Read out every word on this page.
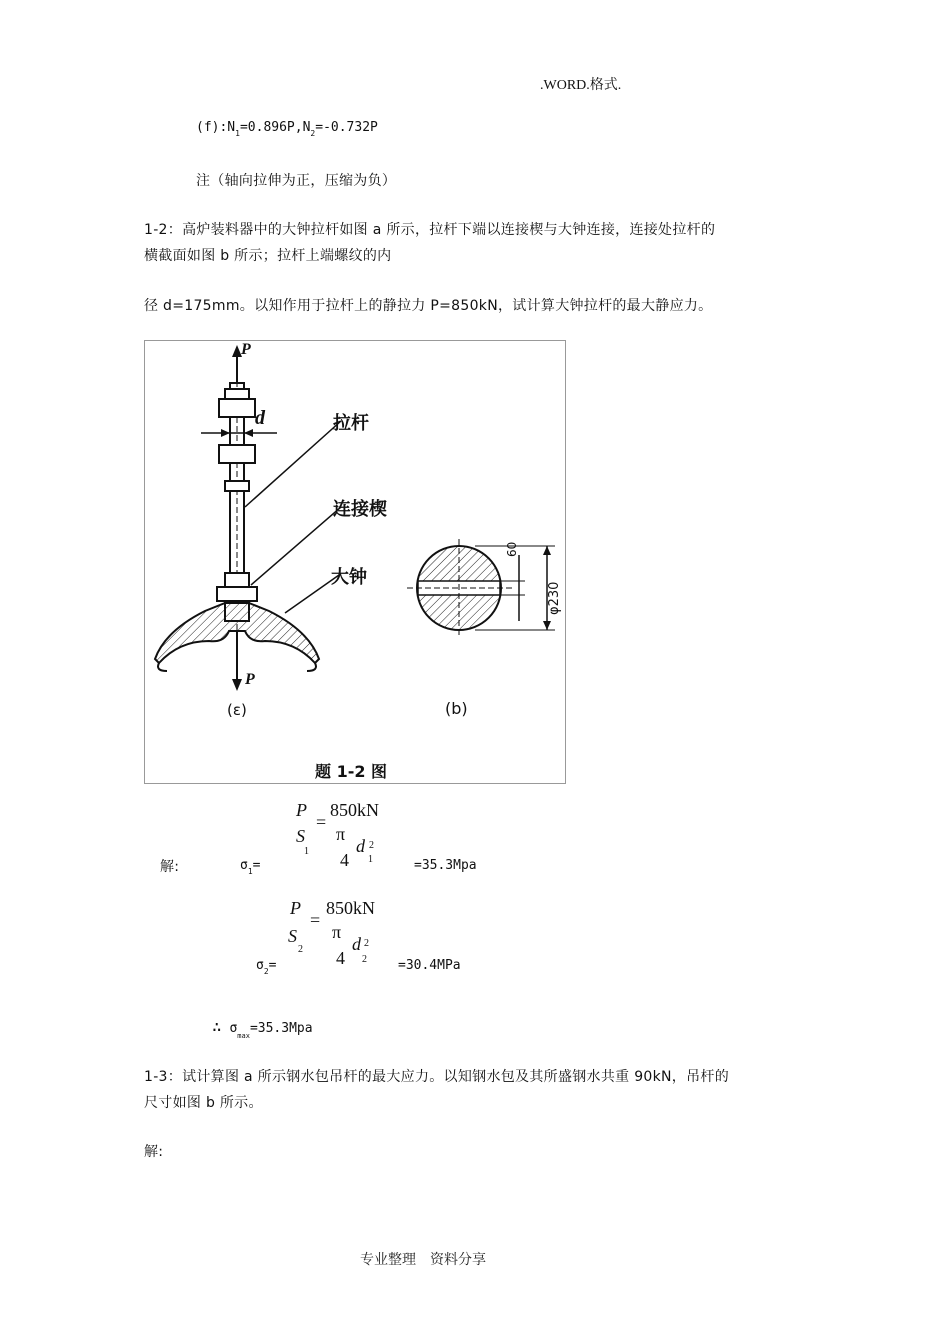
.WORD.格式.
$(f):N_1=0.896P,N_2=-0.732P$
注（轴向拉伸为正，压缩为负）
1-2：高炉装料器中的大钟拉杆如图 a 所示，拉杆下端以连接楔与大钟连接，连接处拉杆的
横截面如图 b 所示；拉杆上端螺纹的内
径 d=175mm。以知作用于拉杆上的静拉力 P=850kN，试计算大钟拉杆的最大静应力。
P
d	拉杆
连接楔
大钟
P
(ε)	(b)
60
φ230
题 1-2 图
P
=
850kN
S
1
π
4
d 2
1
解:	$\sigma_1=$	=35.3Mpa
P
=
850kN
S
2
π
4
d 2
2
$\sigma_2=$	=30.4MPa
∴ $\sigma_{max}=35.3Mpa$
1-3：试计算图 a 所示钢水包吊杆的最大应力。以知钢水包及其所盛钢水共重 90kN，吊杆的
尺寸如图 b 所示。
解:
专业整理　资料分享
